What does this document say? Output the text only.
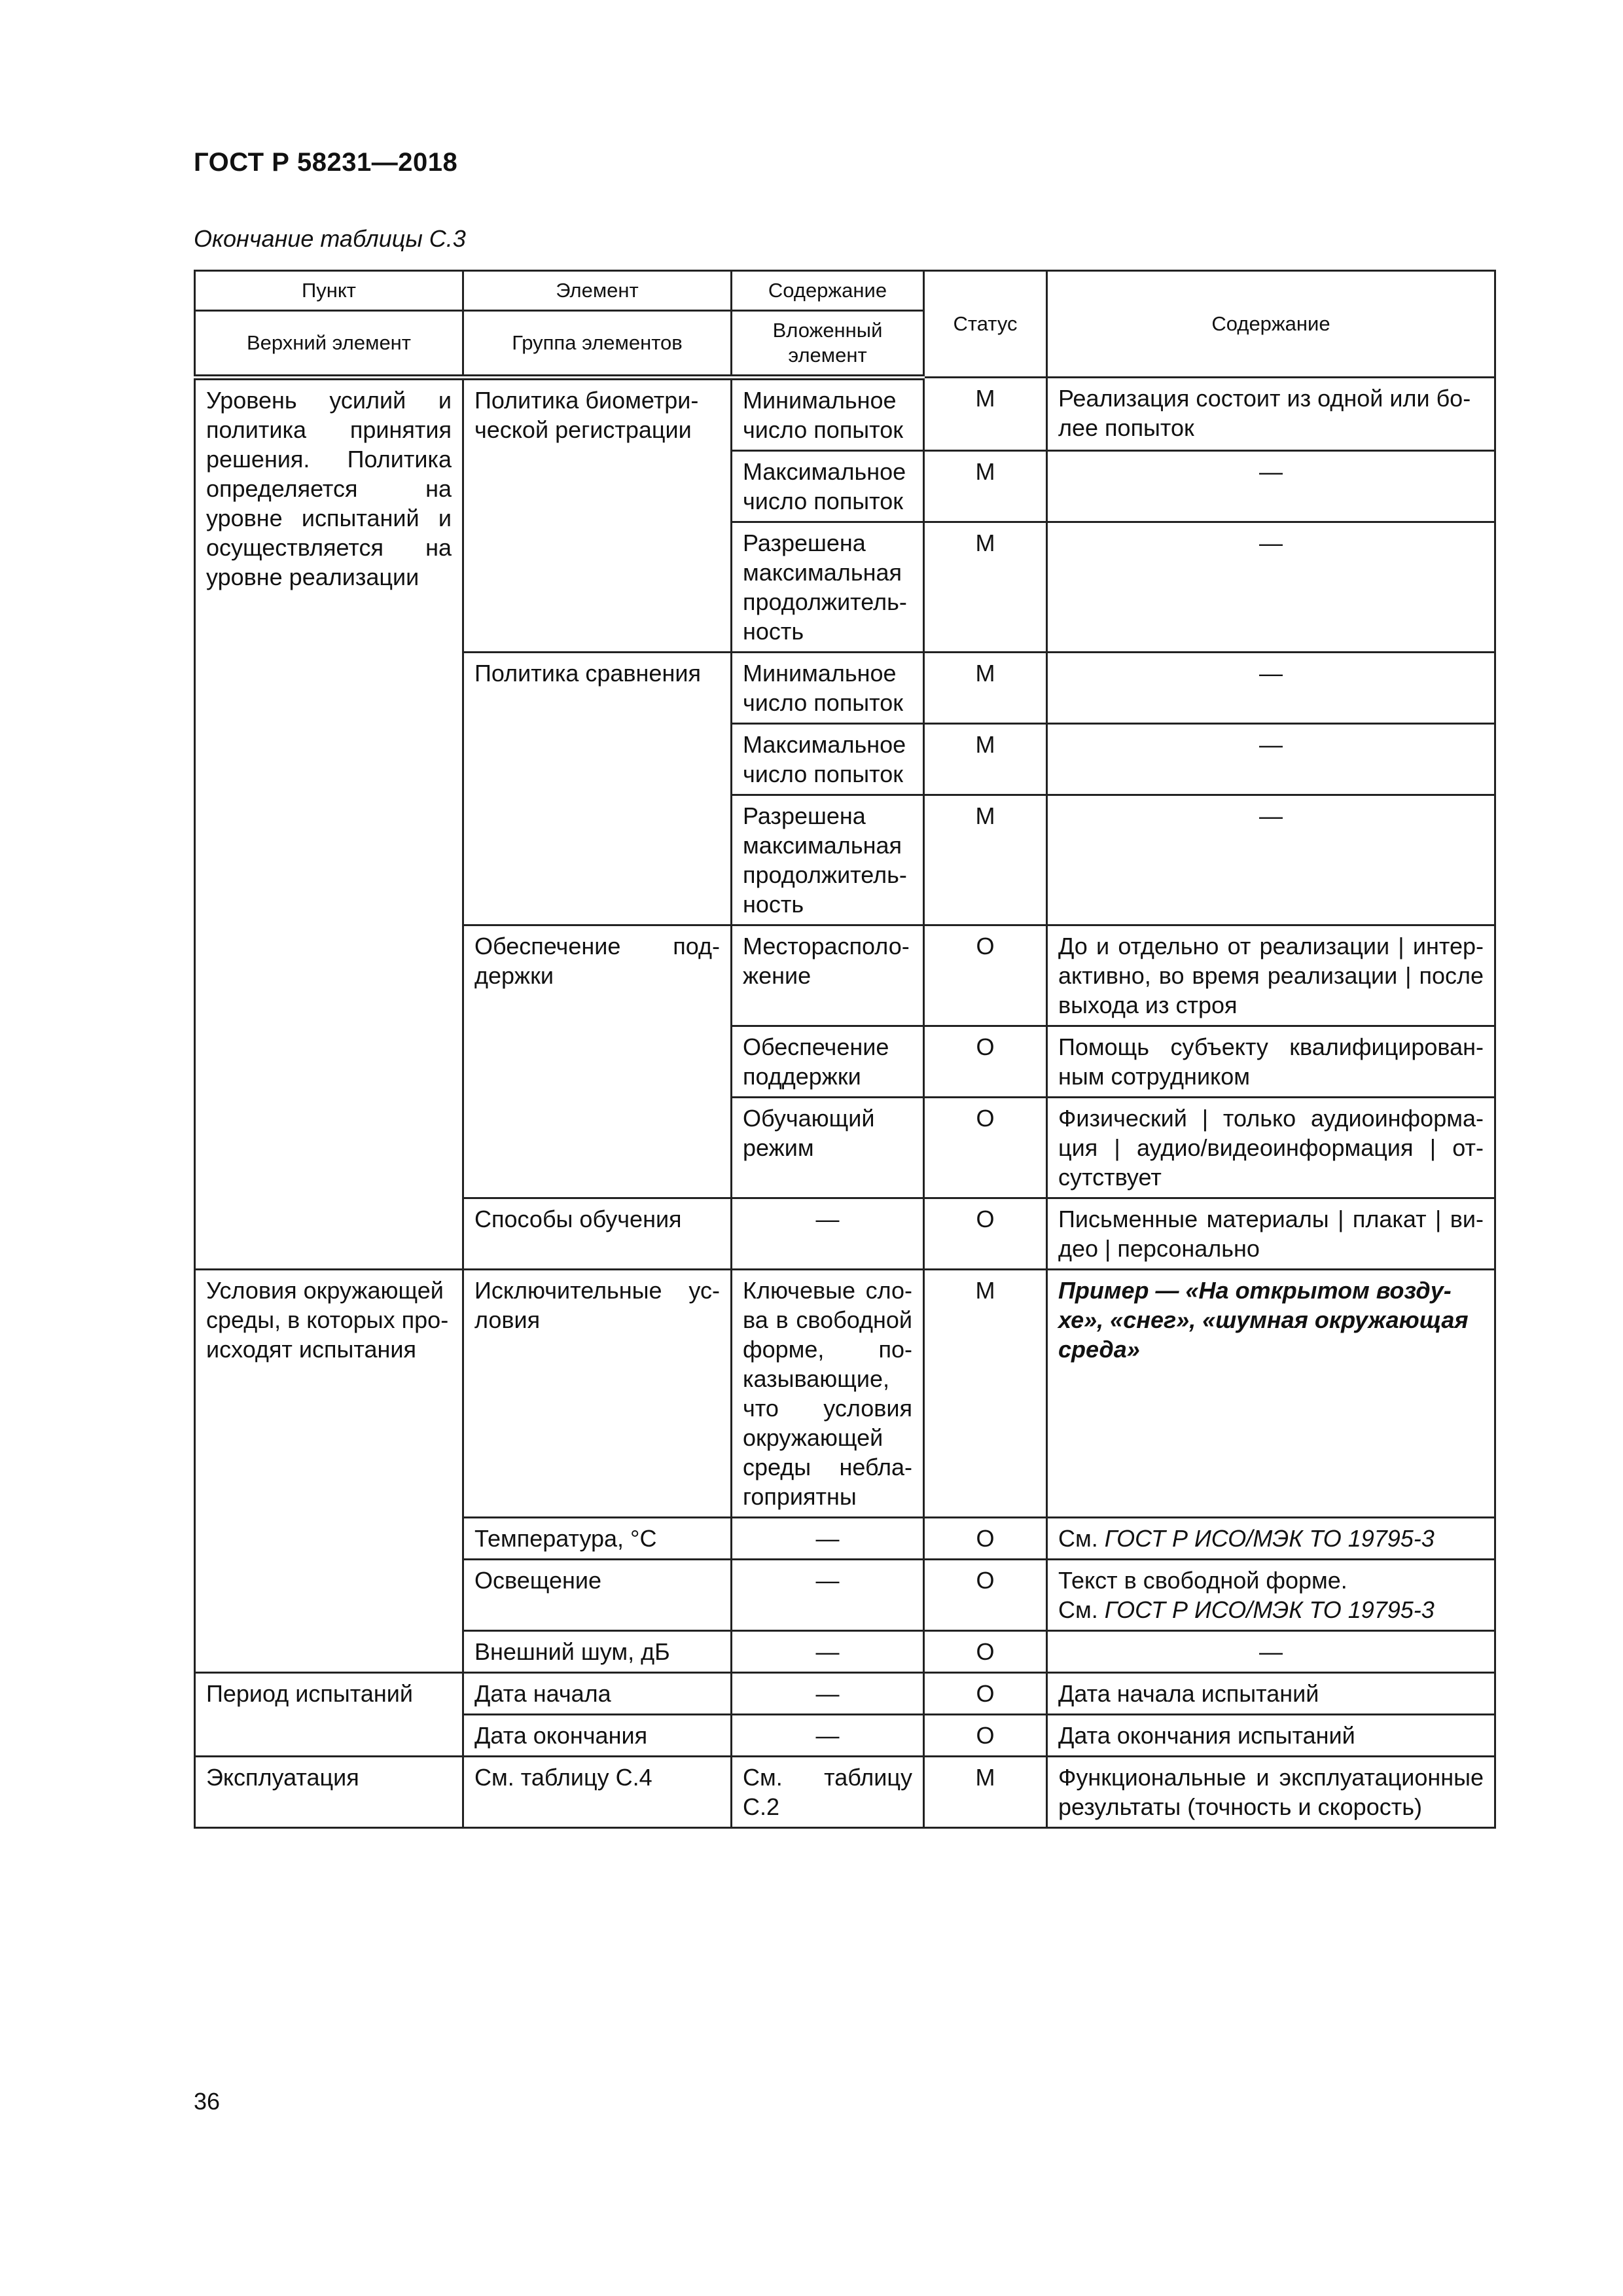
ГОСТ Р 58231—2018
Окончание таблицы С.3
Пункт	Элемент	Содержание	Статус	Содержание
Верхний элемент	Группа элементов	Вложенный элемент		
Уровень усилий и политика принятия решения. Политика определяется на уровне испытаний и осуществляется на уровне реализации	Политика биометрической регистрации	Минимальное число попыток	М	Реализация состоит из одной или более попыток
		Максимальное число попыток	М	—
		Разрешена максимальная продолжительность	М	—
	Политика сравнения	Минимальное число попыток	М	—
		Максимальное число попыток	М	—
		Разрешена максимальная продолжительность	М	—
	Обеспечение поддержки	Месторасположение	О	До и отдельно от реализации | интерактивно, во время реализации | после выхода из строя
		Обеспечение поддержки	О	Помощь субъекту квалифицированным сотрудником
		Обучающий режим	О	Физический | только аудиоинформация | аудио/видеоинформация | отсутствует
	Способы обучения	—	О	Письменные материалы | плакат | видео | персонально
Условия окружающей среды, в которых происходят испытания	Исключительные условия	Ключевые слова в свободной форме, показывающие, что условия окружающей среды неблагоприятны	М	Пример — «На открытом воздухе», «снег», «шумная окружающая среда»
	Температура, °С	—	О	См. ГОСТ Р ИСО/МЭК ТО 19795-3
	Освещение	—	О	Текст в свободной форме.
См. ГОСТ Р ИСО/МЭК ТО 19795-3
	Внешний шум, дБ	—	О	—
Период испытаний	Дата начала	—	О	Дата начала испытаний
	Дата окончания	—	О	Дата окончания испытаний
Эксплуатация	См. таблицу С.4	См. таблицу С.2	М	Функциональные и эксплуатационные результаты (точность и скорость)
36
